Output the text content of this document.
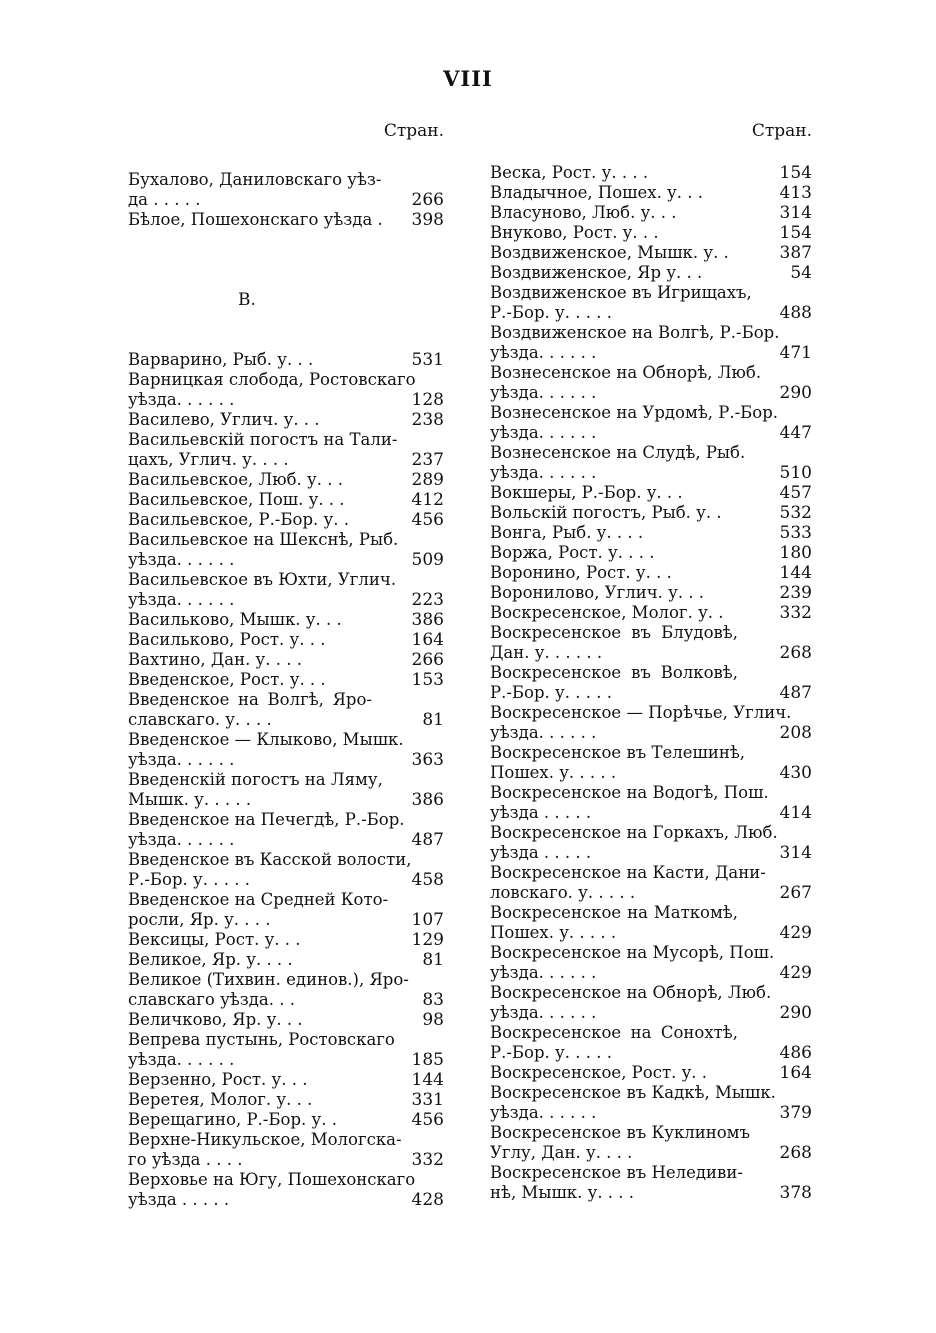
VIII
Стран.
Бухалово, Даниловскаго уѣз-
да . . . . .	266
Бѣлое, Пошехонскаго уѣзда .	398
В.
Варварино, Рыб. у. . .	531
Варницкая слобода, Ростовскаго
уѣзда. . . . . .	128
Василево, Углич. у. . .	238
Васильевскій погостъ на Тали-
цахъ, Углич. у. . . .	237
Васильевское, Люб. у. . .	289
Васильевское, Пош. у. . .	412
Васильевское, Р.-Бор. у. .	456
Васильевское на Шекснѣ, Рыб.
уѣзда. . . . . .	509
Васильевское въ Юхти, Углич.
уѣзда. . . . . .	223
Васильково, Мышк. у. . .	386
Васильково, Рост. у. . .	164
Вахтино, Дан. у. . . .	266
Введенское, Рост. у. . .	153
Введенское на Волгѣ, Яро-
славскаго. у. . . .	81
Введенское — Клыково, Мышк.
уѣзда. . . . . .	363
Введенскій погостъ на Ляму,
Мышк. у. . . . .	386
Введенское на Печегдѣ, Р.-Бор.
уѣзда. . . . . .	487
Введенское въ Касской волости,
Р.-Бор. у. . . . .	458
Введенское на Средней Кото-
росли, Яр. у. . . .	107
Вексицы, Рост. у. . .	129
Великое, Яр. у. . . .	81
Великое (Тихвин. единов.), Яро-
славскаго уѣзда. . .	83
Величково, Яр. у. . .	98
Вепрева пустынь, Ростовскаго
уѣзда. . . . . .	185
Верзенно, Рост. у. . .	144
Веретея, Молог. у. . .	331
Верещагино, Р.-Бор. у. .	456
Верхне-Никульское, Мологска-
го уѣзда . . . .	332
Верховье на Югу, Пошехонскаго
уѣзда . . . . .	428
Стран.
Веска, Рост. у. . . .	154
Владычное, Пошех. у. . .	413
Власуново, Люб. у. . .	314
Внуково, Рост. у. . .	154
Воздвиженское, Мышк. у. .	387
Воздвиженское, Яр у. . .	54
Воздвиженское въ Игрищахъ,
Р.-Бор. у. . . . .	488
Воздвиженское на Волгѣ, Р.-Бор.
уѣзда. . . . . .	471
Вознесенское на Обнорѣ, Люб.
уѣзда. . . . . .	290
Вознесенское на Урдомѣ, Р.-Бор.
уѣзда. . . . . .	447
Вознесенское на Слудѣ, Рыб.
уѣзда. . . . . .	510
Вокшеры, Р.-Бор. у. . .	457
Вольскій погостъ, Рыб. у. .	532
Вонга, Рыб. у. . . .	533
Воржа, Рост. у. . . .	180
Воронино, Рост. у. . .	144
Воронилово, Углич. у. . .	239
Воскресенское, Молог. у. .	332
Воскресенское въ Блудовѣ,
Дан. у. . . . . .	268
Воскресенское въ Волковѣ,
Р.-Бор. у. . . . .	487
Воскресенское — Порѣчье, Углич.
уѣзда. . . . . .	208
Воскресенское въ Телешинѣ,
Пошех. у. . . . .	430
Воскресенское на Водогѣ, Пош.
уѣзда . . . . .	414
Воскресенское на Горкахъ, Люб.
уѣзда . . . . .	314
Воскресенское на Касти, Дани-
ловскаго. у. . . . .	267
Воскресенское на Маткомѣ,
Пошех. у. . . . .	429
Воскресенское на Мусорѣ, Пош.
уѣзда. . . . . .	429
Воскресенское на Обнорѣ, Люб.
уѣзда. . . . . .	290
Воскресенское на Сонохтѣ,
Р.-Бор. у. . . . .	486
Воскресенское, Рост. у. .	164
Воскресенское въ Кадкѣ, Мышк.
уѣзда. . . . . .	379
Воскресенское въ Куклиномъ
Углу, Дан. у. . . .	268
Воскресенское въ Неледиви-
нѣ, Мышк. у. . . .	378
